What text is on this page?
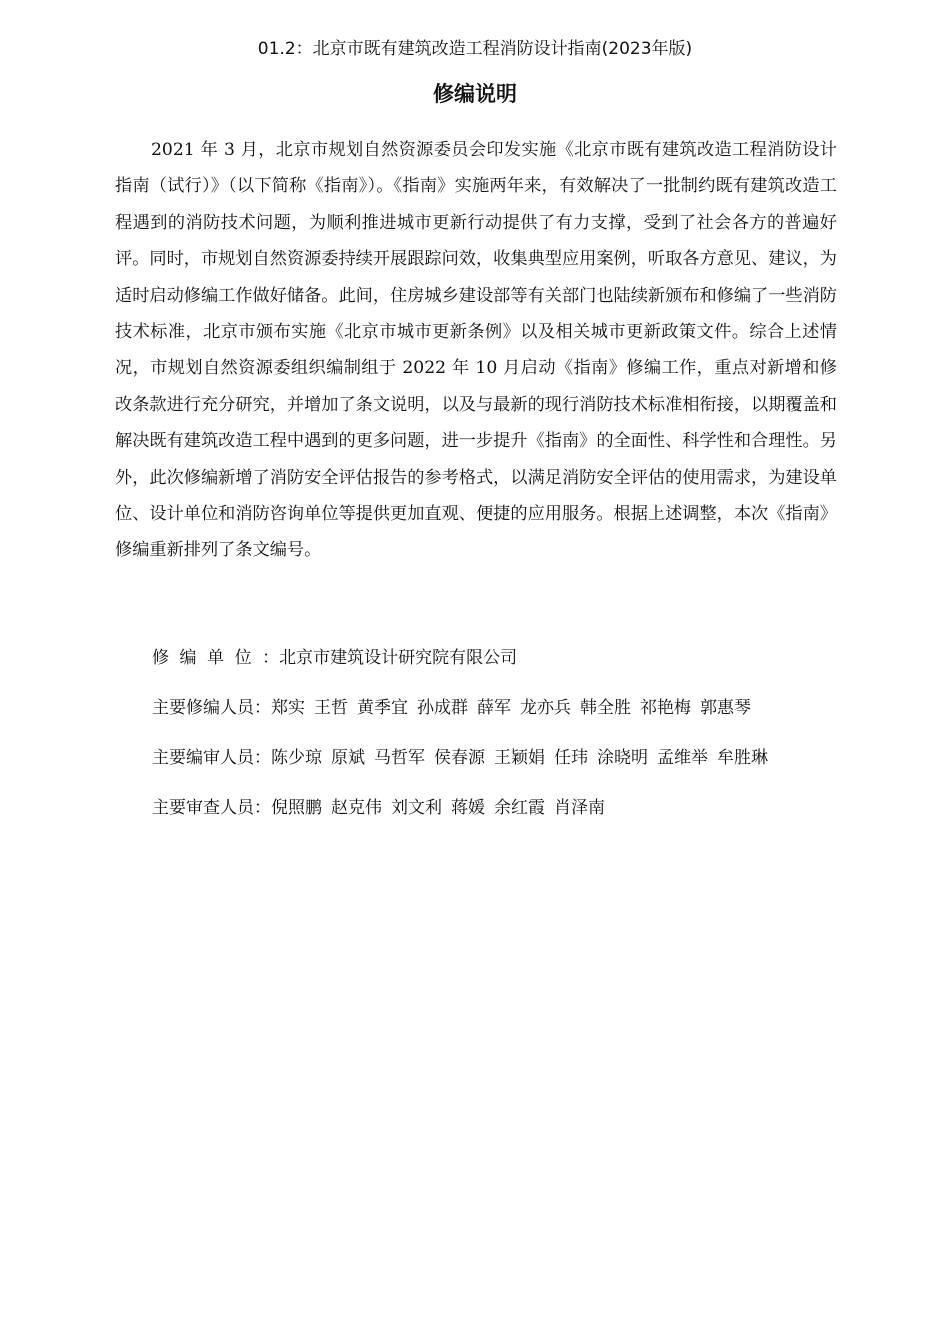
01.2：北京市既有建筑改造工程消防设计指南(2023年版)
修编说明
2021 年 3 月，北京市规划自然资源委员会印发实施《北京市既有建筑改造工程消防设计指南（试行）》（以下简称《指南》）。《指南》实施两年来，有效解决了一批制约既有建筑改造工程遇到的消防技术问题，为顺利推进城市更新行动提供了有力支撑，受到了社会各方的普遍好评。同时，市规划自然资源委持续开展跟踪问效，收集典型应用案例，听取各方意见、建议，为适时启动修编工作做好储备。此间，住房城乡建设部等有关部门也陆续新颁布和修编了一些消防技术标准，北京市颁布实施《北京市城市更新条例》以及相关城市更新政策文件。综合上述情况，市规划自然资源委组织编制组于 2022 年 10 月启动《指南》修编工作，重点对新增和修改条款进行充分研究，并增加了条文说明，以及与最新的现行消防技术标准相衔接，以期覆盖和解决既有建筑改造工程中遇到的更多问题，进一步提升《指南》的全面性、科学性和合理性。另外，此次修编新增了消防安全评估报告的参考格式，以满足消防安全评估的使用需求，为建设单位、设计单位和消防咨询单位等提供更加直观、便捷的应用服务。根据上述调整，本次《指南》修编重新排列了条文编号。
修编单位：北京市建筑设计研究院有限公司
主要修编人员：郑实 王哲 黄季宜 孙成群 薛军 龙亦兵 韩全胜 祁艳梅 郭惠琴
主要编审人员：陈少琼 原斌 马哲军 侯春源 王颖娟 任玮 涂晓明 孟维举 牟胜琳
主要审查人员：倪照鹏 赵克伟 刘文利 蒋媛 余红霞 肖泽南
